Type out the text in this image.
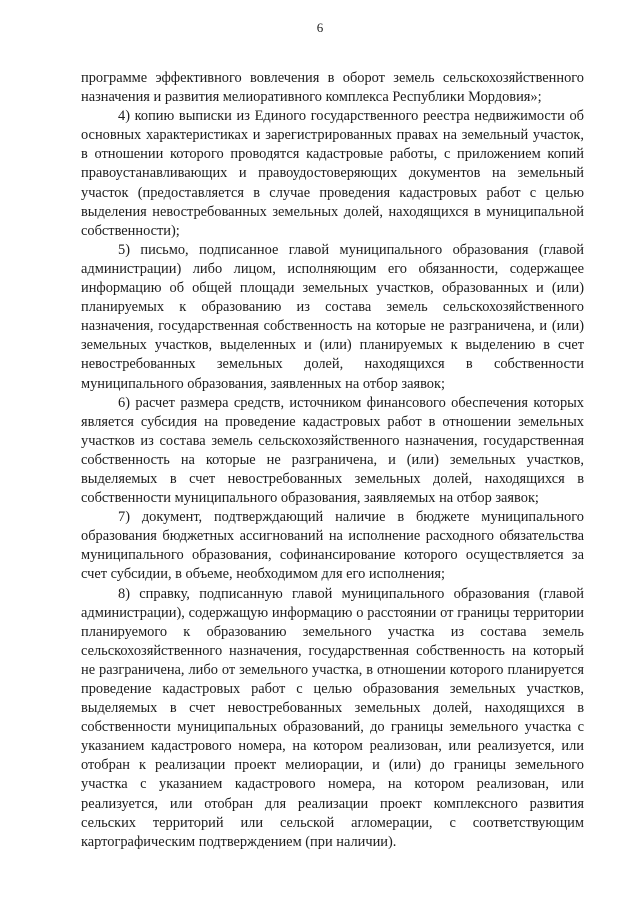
6

программе эффективного вовлечения в оборот земель сельскохозяйственного назначения и развития мелиоративного комплекса Республики Мордовия»;

4) копию выписки из Единого государственного реестра недвижимости об основных характеристиках и зарегистрированных правах на земельный участок, в отношении которого проводятся кадастровые работы, с приложением копий правоустанавливающих и правоудостоверяющих документов на земельный участок (предоставляется в случае проведения кадастровых работ с целью выделения невостребованных земельных долей, находящихся в муниципальной собственности);

5) письмо, подписанное главой муниципального образования (главой администрации) либо лицом, исполняющим его обязанности, содержащее информацию об общей площади земельных участков, образованных и (или) планируемых к образованию из состава земель сельскохозяйственного назначения, государственная собственность на которые не разграничена, и (или) земельных участков, выделенных и (или) планируемых к выделению в счет невостребованных земельных долей, находящихся в собственности муниципального образования, заявленных на отбор заявок;

6) расчет размера средств, источником финансового обеспечения которых является субсидия на проведение кадастровых работ в отношении земельных участков из состава земель сельскохозяйственного назначения, государственная собственность на которые не разграничена, и (или) земельных участков, выделяемых в счет невостребованных земельных долей, находящихся в собственности муниципального образования, заявляемых на отбор заявок;

7) документ, подтверждающий наличие в бюджете муниципального образования бюджетных ассигнований на исполнение расходного обязательства муниципального образования, софинансирование которого осуществляется за счет субсидии, в объеме, необходимом для его исполнения;

8) справку, подписанную главой муниципального образования (главой администрации), содержащую информацию о расстоянии от границы территории планируемого к образованию земельного участка из состава земель сельскохозяйственного назначения, государственная собственность на который не разграничена, либо от земельного участка, в отношении которого планируется проведение кадастровых работ с целью образования земельных участков, выделяемых в счет невостребованных земельных долей, находящихся в собственности муниципальных образований, до границы земельного участка с указанием кадастрового номера, на котором реализован, или реализуется, или отобран к реализации проект мелиорации, и (или) до границы земельного участка с указанием кадастрового номера, на котором реализован, или реализуется, или отобран для реализации проект комплексного развития сельских территорий или сельской агломерации, с соответствующим картографическим подтверждением (при наличии).
